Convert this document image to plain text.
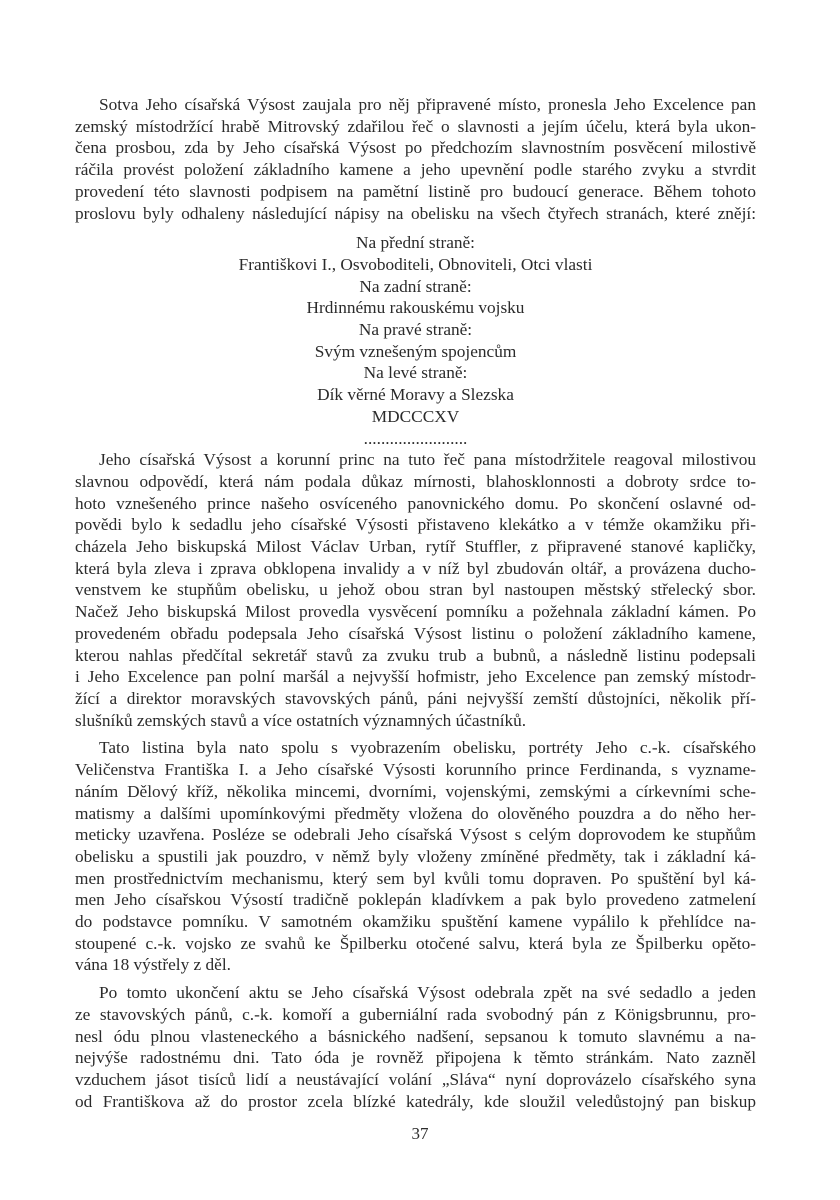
Sotva Jeho císařská Výsost zaujala pro něj připravené místo, pronesla Jeho Excelence pan
zemský místodržící hrabě Mitrovský zdařilou řeč o slavnosti a jejím účelu, která byla ukon-
čena prosbou, zda by Jeho císařská Výsost po předchozím slavnostním posvěcení milostivě
ráčila provést položení základního kamene a jeho upevnění podle starého zvyku a stvrdit
provedení této slavnosti podpisem na pamětní listině pro budoucí generace. Během tohoto
proslovu byly odhaleny následující nápisy na obelisku na všech čtyřech stranách, které znějí:
Na přední straně:
Františkovi I., Osvoboditeli, Obnoviteli, Otci vlasti
Na zadní straně:
Hrdinnému rakouskému vojsku
Na pravé straně:
Svým vznešeným spojencům
Na levé straně:
Dík věrné Moravy a Slezska
MDCCCXV
........................
Jeho císařská Výsost a korunní princ na tuto řeč pana místodržitele reagoval milostivou
slavnou odpovědí, která nám podala důkaz mírnosti, blahosklonnosti a dobroty srdce to-
hoto vznešeného prince našeho osvíceného panovnického domu. Po skončení oslavné od-
povědi bylo k sedadlu jeho císařské Výsosti přistaveno klekátko a v témže okamžiku při-
cházela Jeho biskupská Milost Václav Urban, rytíř Stuffler, z připravené stanové kapličky,
která byla zleva i zprava obklopena invalidy a v níž byl zbudován oltář, a provázena ducho-
venstvem ke stupňům obelisku, u jehož obou stran byl nastoupen městský střelecký sbor.
Načež Jeho biskupská Milost provedla vysvěcení pomníku a požehnala základní kámen. Po
provedeném obřadu podepsala Jeho císařská Výsost listinu o položení základního kamene,
kterou nahlas předčítal sekretář stavů za zvuku trub a bubnů, a následně listinu podepsali
i Jeho Excelence pan polní maršál a nejvyšší hofmistr, jeho Excelence pan zemský místodr-
žící a direktor moravských stavovských pánů, páni nejvyšší zemští důstojníci, několik pří-
slušníků zemských stavů a více ostatních významných účastníků.
Tato listina byla nato spolu s vyobrazením obelisku, portréty Jeho c.-k. císařského
Veličenstva Františka I. a Jeho císařské Výsosti korunního prince Ferdinanda, s vyzname-
náním Dělový kříž, několika mincemi, dvorními, vojenskými, zemskými a církevními sche-
matismy a dalšími upomínkovými předměty vložena do olověného pouzdra a do něho her-
meticky uzavřena. Posléze se odebrali Jeho císařská Výsost s celým doprovodem ke stupňům
obelisku a spustili jak pouzdro, v němž byly vloženy zmíněné předměty, tak i základní ká-
men prostřednictvím mechanismu, který sem byl kvůli tomu dopraven. Po spuštění byl ká-
men Jeho císařskou Výsostí tradičně poklepán kladívkem a pak bylo provedeno zatmelení
do podstavce pomníku. V samotném okamžiku spuštění kamene vypálilo k přehlídce na-
stoupené c.-k. vojsko ze svahů ke Špilberku otočené salvu, která byla ze Špilberku opěto-
vána 18 výstřely z děl.
Po tomto ukončení aktu se Jeho císařská Výsost odebrala zpět na své sedadlo a jeden
ze stavovských pánů, c.-k. komoří a guberniální rada svobodný pán z Königsbrunnu, pro-
nesl ódu plnou vlasteneckého a básnického nadšení, sepsanou k tomuto slavnému a na-
nejvýše radostnému dni. Tato óda je rovněž připojena k těmto stránkám. Nato zazněl
vzduchem jásot tisíců lidí a neustávající volání „Sláva“ nyní doprovázelo císařského syna
od Františkova až do prostor zcela blízké katedrály, kde sloužil veledůstojný pan biskup
37
